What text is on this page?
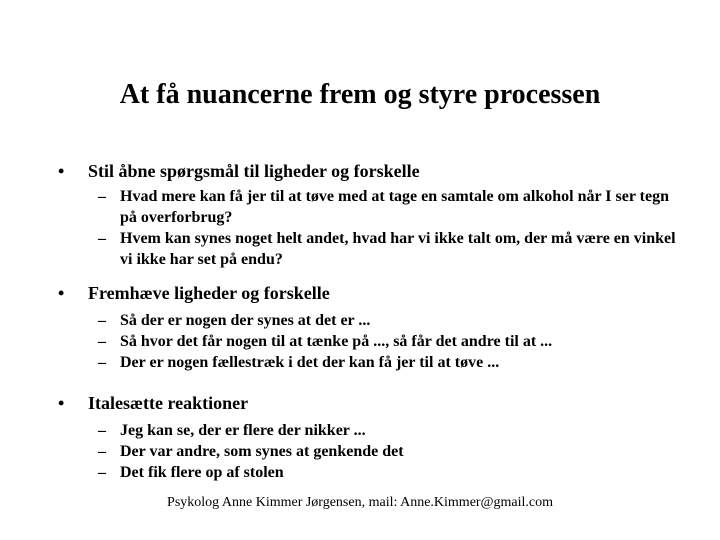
At få nuancerne frem og styre processen
•	Stil åbne spørgsmål til ligheder og forskelle
– Hvad mere kan få jer til at tøve med at tage en samtale om alkohol når I ser tegn på overforbrug?
– Hvem kan synes noget helt andet, hvad har vi ikke talt om, der må være en vinkel vi ikke har set på endu?
•	Fremhæve ligheder og forskelle
– Så der er nogen der synes at det er ...
– Så hvor det får nogen til at tænke på ..., så får det andre til at ...
– Der er nogen fællestræk i det der kan få jer til at tøve ...
•	Italesætte reaktioner
– Jeg kan se, der er flere der nikker ...
– Der var andre, som synes at genkende det
– Det fik flere op af stolen
Psykolog Anne Kimmer Jørgensen, mail: Anne.Kimmer@gmail.com
